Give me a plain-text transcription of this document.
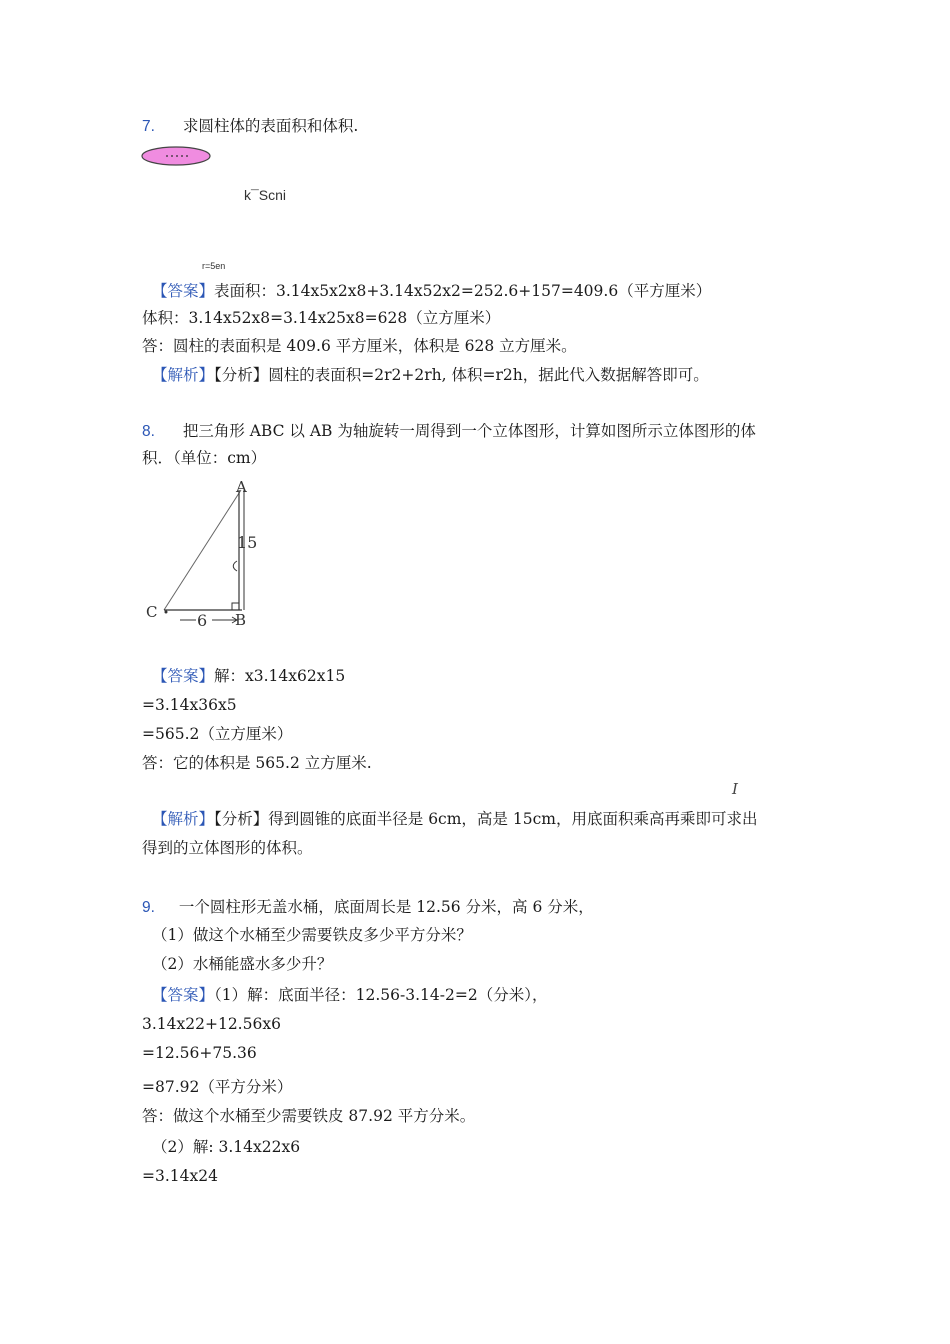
7. 求圆柱体的表面积和体积.
k¯Scni
r=5en
【答案】表面积：3.14x5x2x8+3.14x52x2=252.6+157=409.6（平方厘米）
体积：3.14x52x8=3.14x25x8=628（立方厘米）
答：圆柱的表面积是 409.6 平方厘米，体积是 628 立方厘米。
【解析】【分析】圆柱的表面积=2r2+2rh, 体积=r2h，据此代入数据解答即可。
8. 把三角形 ABC 以 AB 为轴旋转一周得到一个立体图形，计算如图所示立体图形的体
积．（单位：cm）
A
B
C
15
6
【答案】解：x3.14x62x15
=3.14x36x5
=565.2（立方厘米）
答：它的体积是 565.2 立方厘米.
I
【解析】【分析】得到圆锥的底面半径是 6cm，高是 15cm，用底面积乘高再乘即可求出
得到的立体图形的体积。
9. 一个圆柱形无盖水桶，底面周长是 12.56 分米，高 6 分米，
（1）做这个水桶至少需要铁皮多少平方分米？
（2）水桶能盛水多少升？
【答案】（1）解：底面半径：12.56-3.14-2=2（分米），
3.14x22+12.56x6
=12.56+75.36
=87.92（平方分米）
答：做这个水桶至少需要铁皮 87.92 平方分米。
（2）解: 3.14x22x6
=3.14x24
